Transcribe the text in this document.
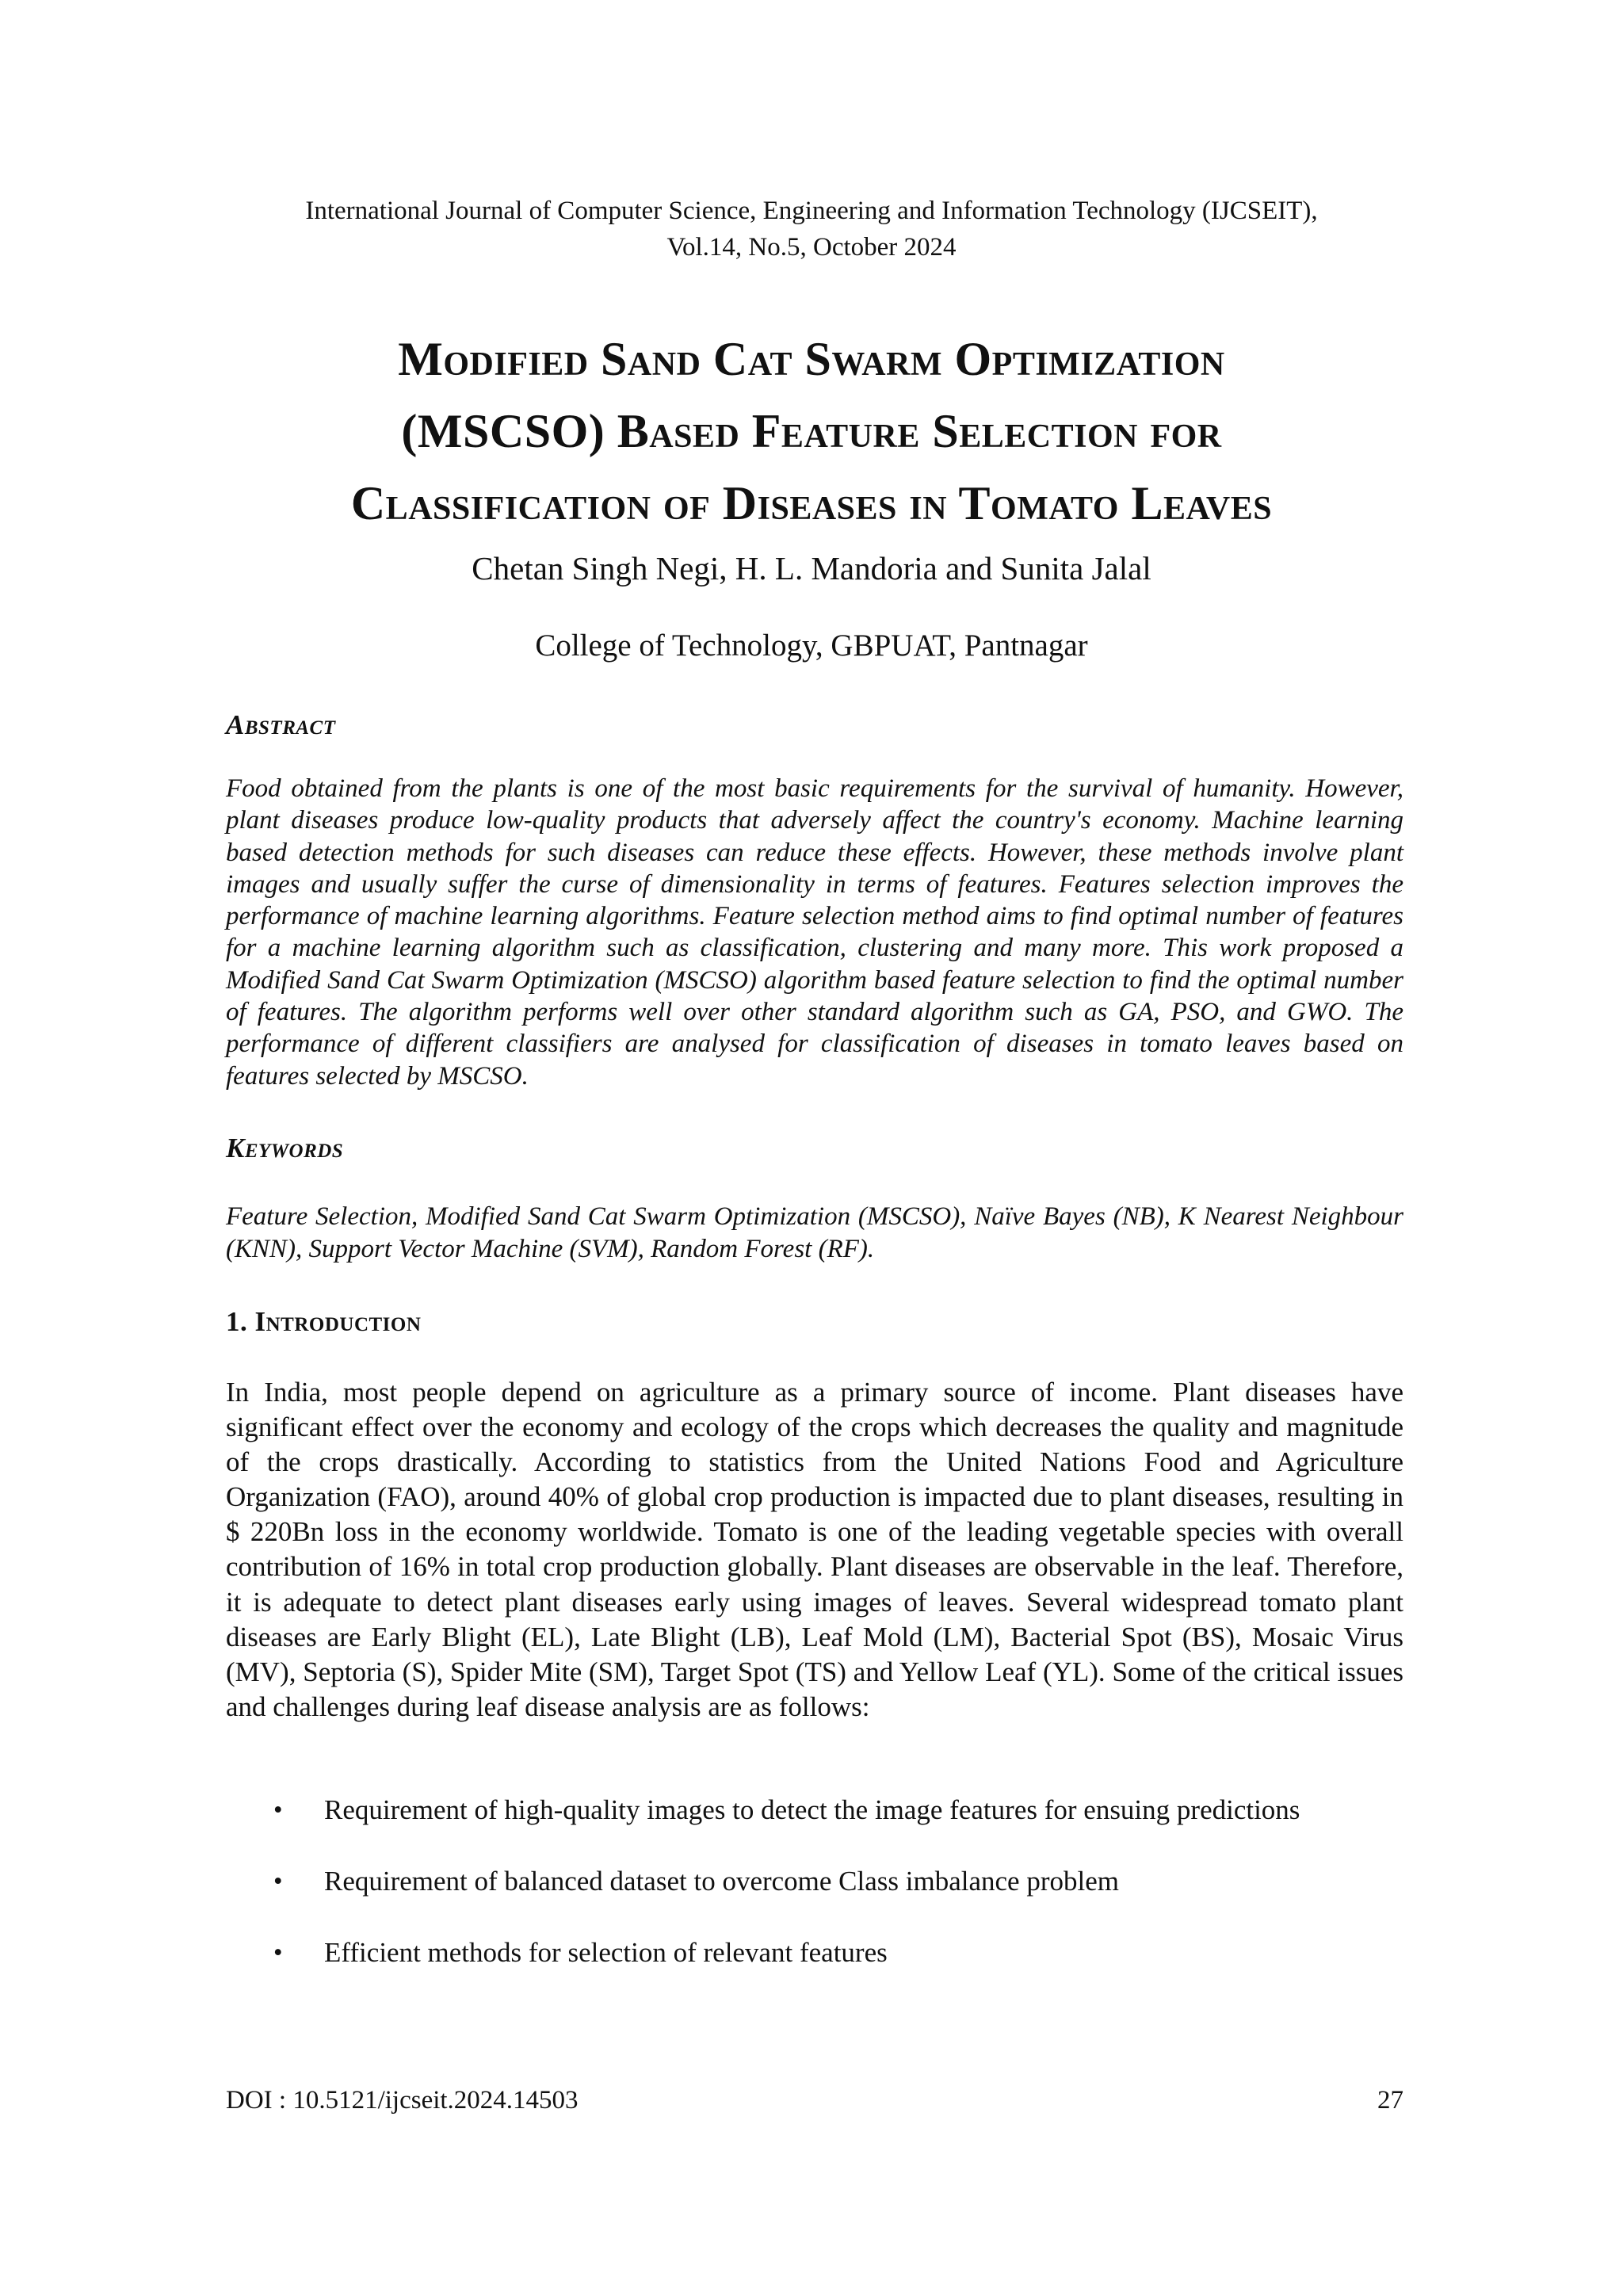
International Journal of Computer Science, Engineering and Information Technology (IJCSEIT),
Vol.14, No.5, October 2024
Modified Sand Cat Swarm Optimization
(MSCSO) Based Feature Selection for
Classification of Diseases in Tomato Leaves
Chetan Singh Negi, H. L. Mandoria and Sunita Jalal
College of Technology, GBPUAT, Pantnagar
Abstract

Food obtained from the plants is one of the most basic requirements for the survival of humanity. However, plant diseases produce low-quality products that adversely affect the country's economy. Machine learning based detection methods for such diseases can reduce these effects. However, these methods involve plant images and usually suffer the curse of dimensionality in terms of features. Features selection improves the performance of machine learning algorithms. Feature selection method aims to find optimal number of features for a machine learning algorithm such as classification, clustering and many more. This work proposed a Modified Sand Cat Swarm Optimization (MSCSO) algorithm based feature selection to find the optimal number of features. The algorithm performs well over other standard algorithm such as GA, PSO, and GWO. The performance of different classifiers are analysed for classification of diseases in tomato leaves based on features selected by MSCSO.

Keywords

Feature Selection, Modified Sand Cat Swarm Optimization (MSCSO), Naïve Bayes (NB), K Nearest Neighbour (KNN), Support Vector Machine (SVM), Random Forest (RF).

1. Introduction

In India, most people depend on agriculture as a primary source of income. Plant diseases have significant effect over the economy and ecology of the crops which decreases the quality and magnitude of the crops drastically. According to statistics from the United Nations Food and Agriculture Organization (FAO), around 40% of global crop production is impacted due to plant diseases, resulting in $ 220Bn loss in the economy worldwide. Tomato is one of the leading vegetable species with overall contribution of 16% in total crop production globally. Plant diseases are observable in the leaf. Therefore, it is adequate to detect plant diseases early using images of leaves. Several widespread tomato plant diseases are Early Blight (EL), Late Blight (LB), Leaf Mold (LM), Bacterial Spot (BS), Mosaic Virus (MV), Septoria (S), Spider Mite (SM), Target Spot (TS) and Yellow Leaf (YL). Some of the critical issues and challenges during leaf disease analysis are as follows:

• Requirement of high-quality images to detect the image features for ensuing predictions
• Requirement of balanced dataset to overcome Class imbalance problem
• Efficient methods for selection of relevant features
DOI : 10.5121/ijcseit.2024.14503	27
